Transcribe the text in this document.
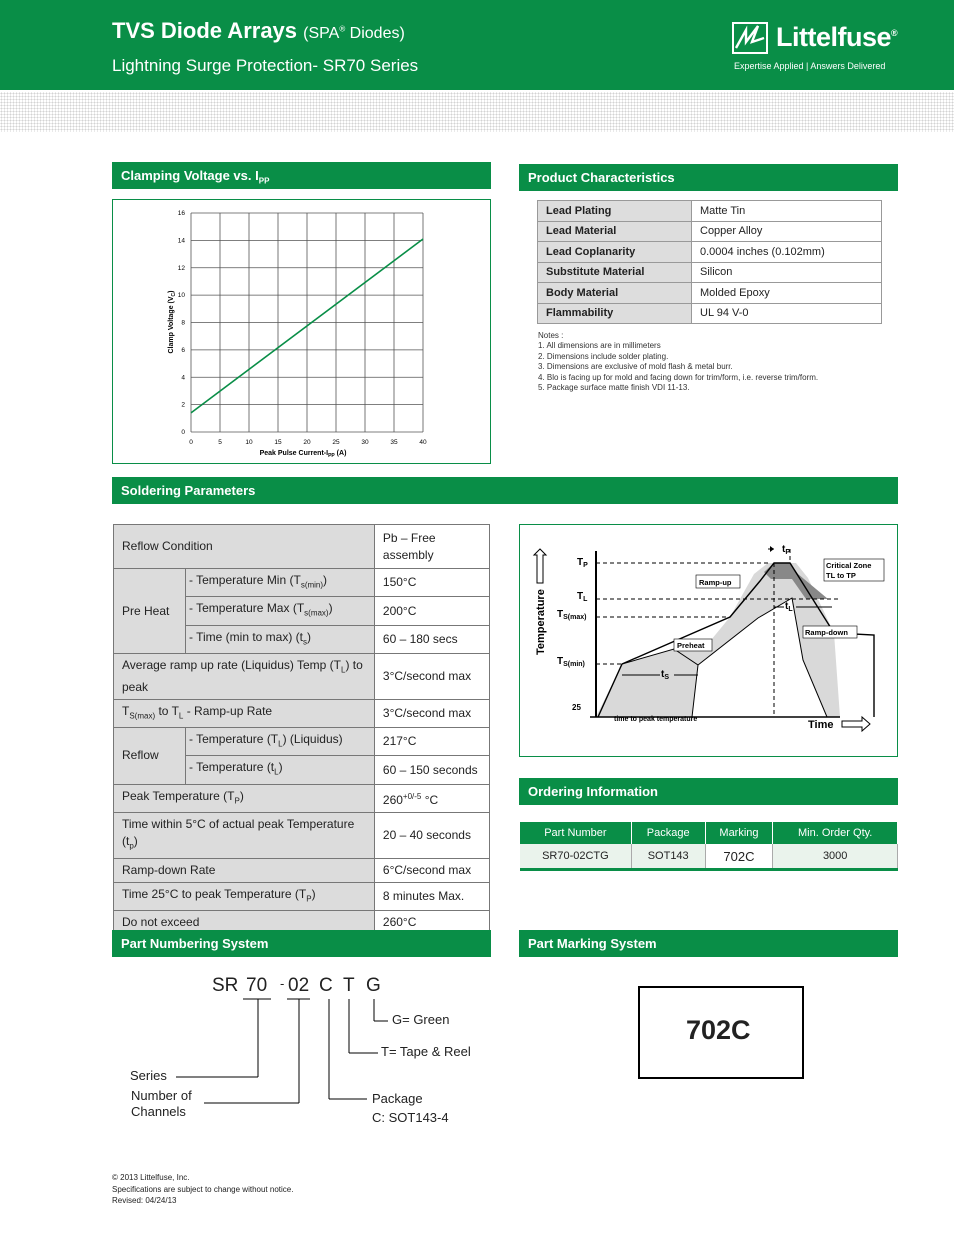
TVS Diode Arrays (SPA® Diodes)
Lightning Surge Protection- SR70 Series
Littelfuse®
Expertise Applied | Answers Delivered
Clamping Voltage vs. $I_{PP}$
0	5	10	15	20	25	30	35	40
0
2
4
6
8
10
12
14
16
Peak Pulse Current-$I_{PP}$ (A)
Clamp Voltage $(V_C)$
Product Characteristics
Lead Plating	Matte Tin
Lead Material	Copper Alloy
Lead Coplanarity	0.0004 inches (0.102mm)
Substitute Material	Silicon
Body Material	Molded Epoxy
Flammability	UL 94 V-0
Notes :
1. All dimensions are in millimeters
2. Dimensions include solder plating.
3. Dimensions are exclusive of mold flash & metal burr.
4. Blo is facing up for mold and facing down for trim/form, i.e. reverse trim/form.
5. Package surface matte finish VDI 11-13.
Soldering Parameters
Reflow Condition		Pb – Free assembly
Pre Heat	- Temperature Min $(T_{s(min)})$	150°C
	- Temperature Max $(T_{s(max)})$	200°C
	- Time (min to max) $(t_s)$	60 – 180 secs
Average ramp up rate (Liquidus) Temp $(T_L)$ to peak		3°C/second max
$T_{S(max)}$ to $T_L$ - Ramp-up Rate		3°C/second max
Reflow	- Temperature $(T_L)$ (Liquidus)	217°C
	- Temperature $(t_L)$	60 – 150 seconds
Peak Temperature $(T_P)$		$260^{+0/-5}$ °C
Time within 5°C of actual peak Temperature $(t_p)$		20 – 40 seconds
Ramp-down Rate		6°C/second max
Time 25°C to peak Temperature $(T_P)$		8 minutes Max.
Do not exceed		260°C
Temperature
Time
$T_P$
$T_L$
$T_{S(max)}$
$T_{S(min)}$
25
$t_P$
$t_L$
$t_S$
time to peak temperature
Ramp-up
Preheat
Ramp-down
Critical Zone
TL to TP
Ordering Information
Part Number	Package	Marking	Min. Order Qty.
SR70-02CTG	SOT143	702C	3000
Part Numbering System
SR 70 - 02 C T G
G= Green
T= Tape & Reel
Series
Number of
Channels
Package
C: SOT143-4
Part Marking System
702C
© 2013 Littelfuse, Inc.
Specifications are subject to change without notice.
Revised: 04/24/13
